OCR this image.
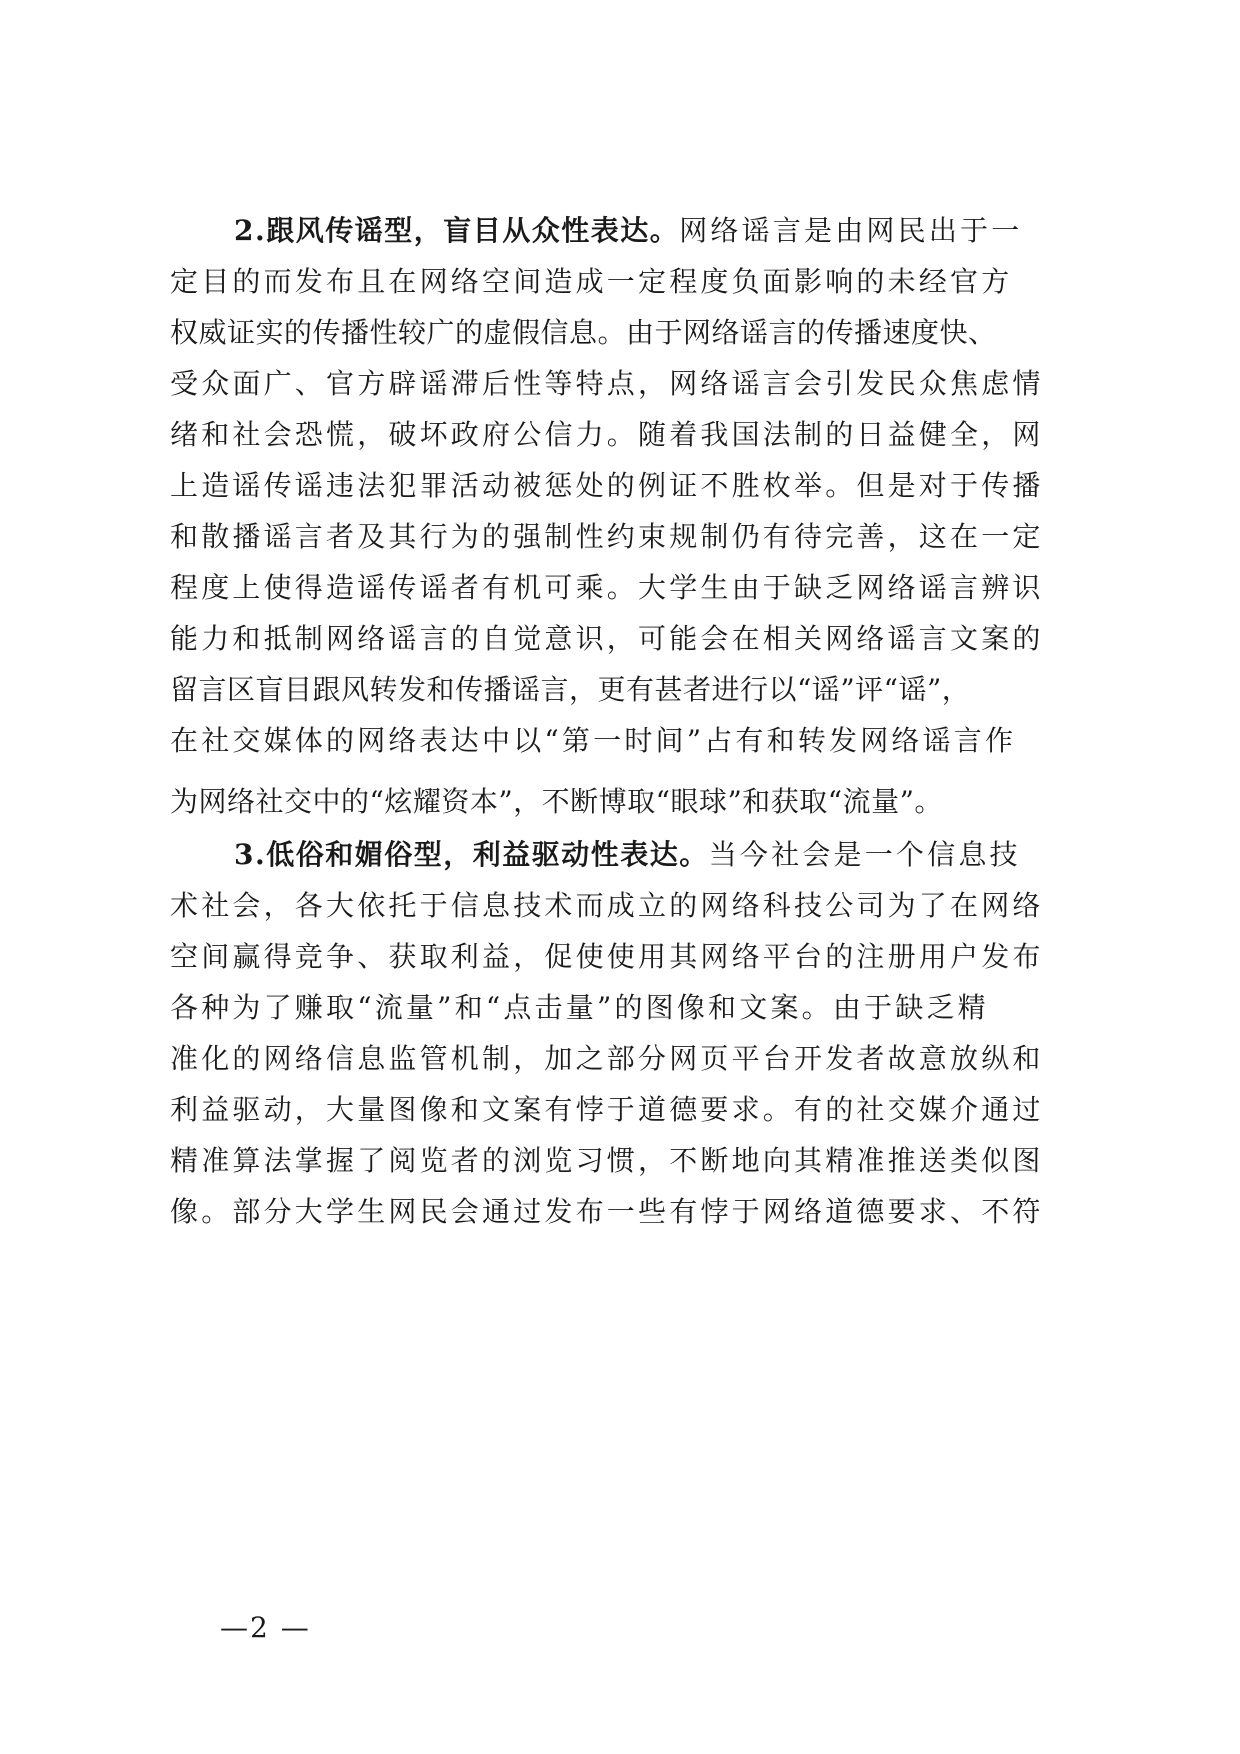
2.跟风传谣型，盲目从众性表达。网络谣言是由网民出于一
定目的而发布且在网络空间造成一定程度负面影响的未经官方
权威证实的传播性较广的虚假信息。由于网络谣言的传播速度快、
受众面广、官方辟谣滞后性等特点，网络谣言会引发民众焦虑情
绪和社会恐慌，破坏政府公信力。随着我国法制的日益健全，网
上造谣传谣违法犯罪活动被惩处的例证不胜枚举。但是对于传播
和散播谣言者及其行为的强制性约束规制仍有待完善，这在一定
程度上使得造谣传谣者有机可乘。大学生由于缺乏网络谣言辨识
能力和抵制网络谣言的自觉意识，可能会在相关网络谣言文案的
留言区盲目跟风转发和传播谣言，更有甚者进行以“谣”评“谣”，
在社交媒体的网络表达中以“第一时间”占有和转发网络谣言作
为网络社交中的“炫耀资本”，不断博取“眼球”和获取“流量”。
3.低俗和媚俗型，利益驱动性表达。当今社会是一个信息技
术社会，各大依托于信息技术而成立的网络科技公司为了在网络
空间赢得竞争、获取利益，促使使用其网络平台的注册用户发布
各种为了赚取“流量”和“点击量”的图像和文案。由于缺乏精
准化的网络信息监管机制，加之部分网页平台开发者故意放纵和
利益驱动，大量图像和文案有悖于道德要求。有的社交媒介通过
精准算法掌握了阅览者的浏览习惯，不断地向其精准推送类似图
像。部分大学生网民会通过发布一些有悖于网络道德要求、不符
—2 —
